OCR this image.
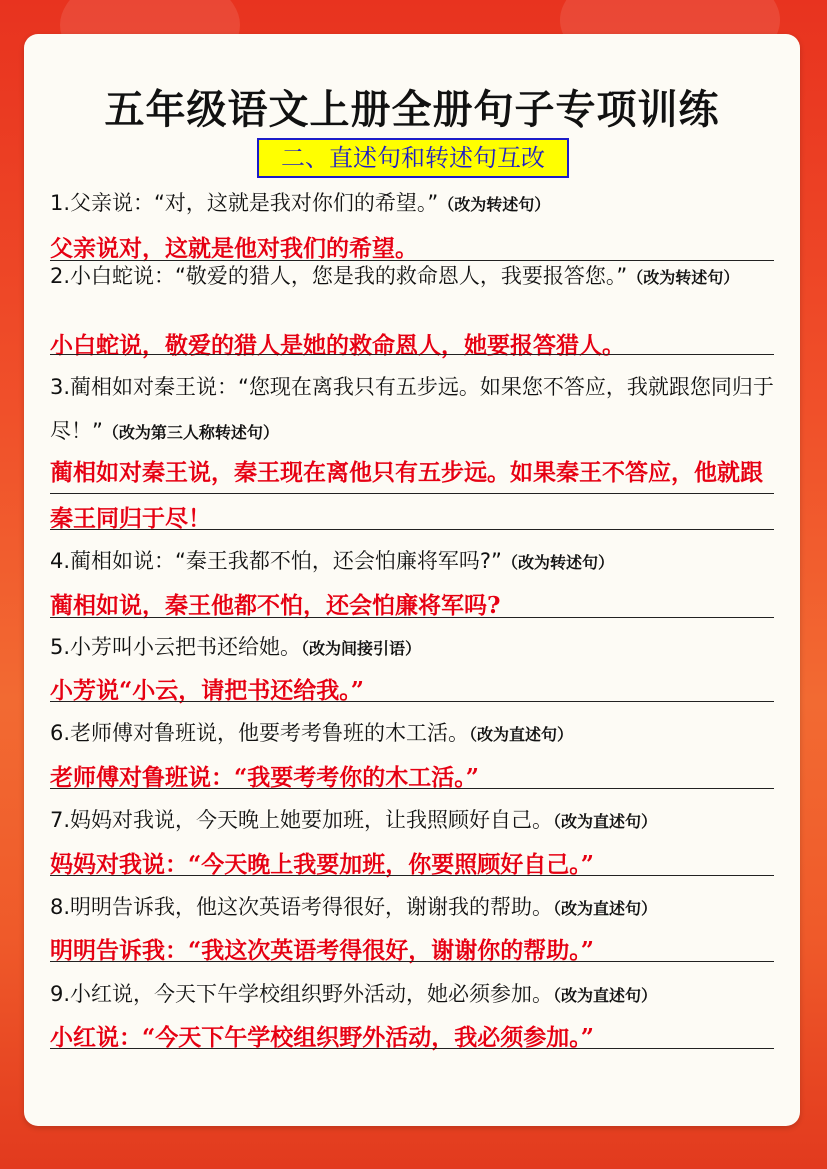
五年级语文上册全册句子专项训练
二、直述句和转述句互改
1.父亲说：“对，这就是我对你们的希望。”（改为转述句）
父亲说对，这就是他对我们的希望。
2.小白蛇说：“敬爱的猎人，您是我的救命恩人，我要报答您。”（改为转述句）
小白蛇说，敬爱的猎人是她的救命恩人，她要报答猎人。
3.蔺相如对秦王说：“您现在离我只有五步远。如果您不答应，我就跟您同归于尽！”（改为第三人称转述句）
蔺相如对秦王说，秦王现在离他只有五步远。如果秦王不答应，他就跟秦王同归于尽！
4.蔺相如说：“秦王我都不怕，还会怕廉将军吗?”（改为转述句）
蔺相如说，秦王他都不怕，还会怕廉将军吗?
5.小芳叫小云把书还给她。（改为间接引语）
小芳说“小云，请把书还给我。”
6.老师傅对鲁班说，他要考考鲁班的木工活。（改为直述句）
老师傅对鲁班说：“我要考考你的木工活。”
7.妈妈对我说，今天晚上她要加班，让我照顾好自己。（改为直述句）
妈妈对我说：“今天晚上我要加班，你要照顾好自己。”
8.明明告诉我，他这次英语考得很好，谢谢我的帮助。（改为直述句）
明明告诉我：“我这次英语考得很好，谢谢你的帮助。”
9.小红说，今天下午学校组织野外活动，她必须参加。（改为直述句）
小红说：“今天下午学校组织野外活动，我必须参加。”
